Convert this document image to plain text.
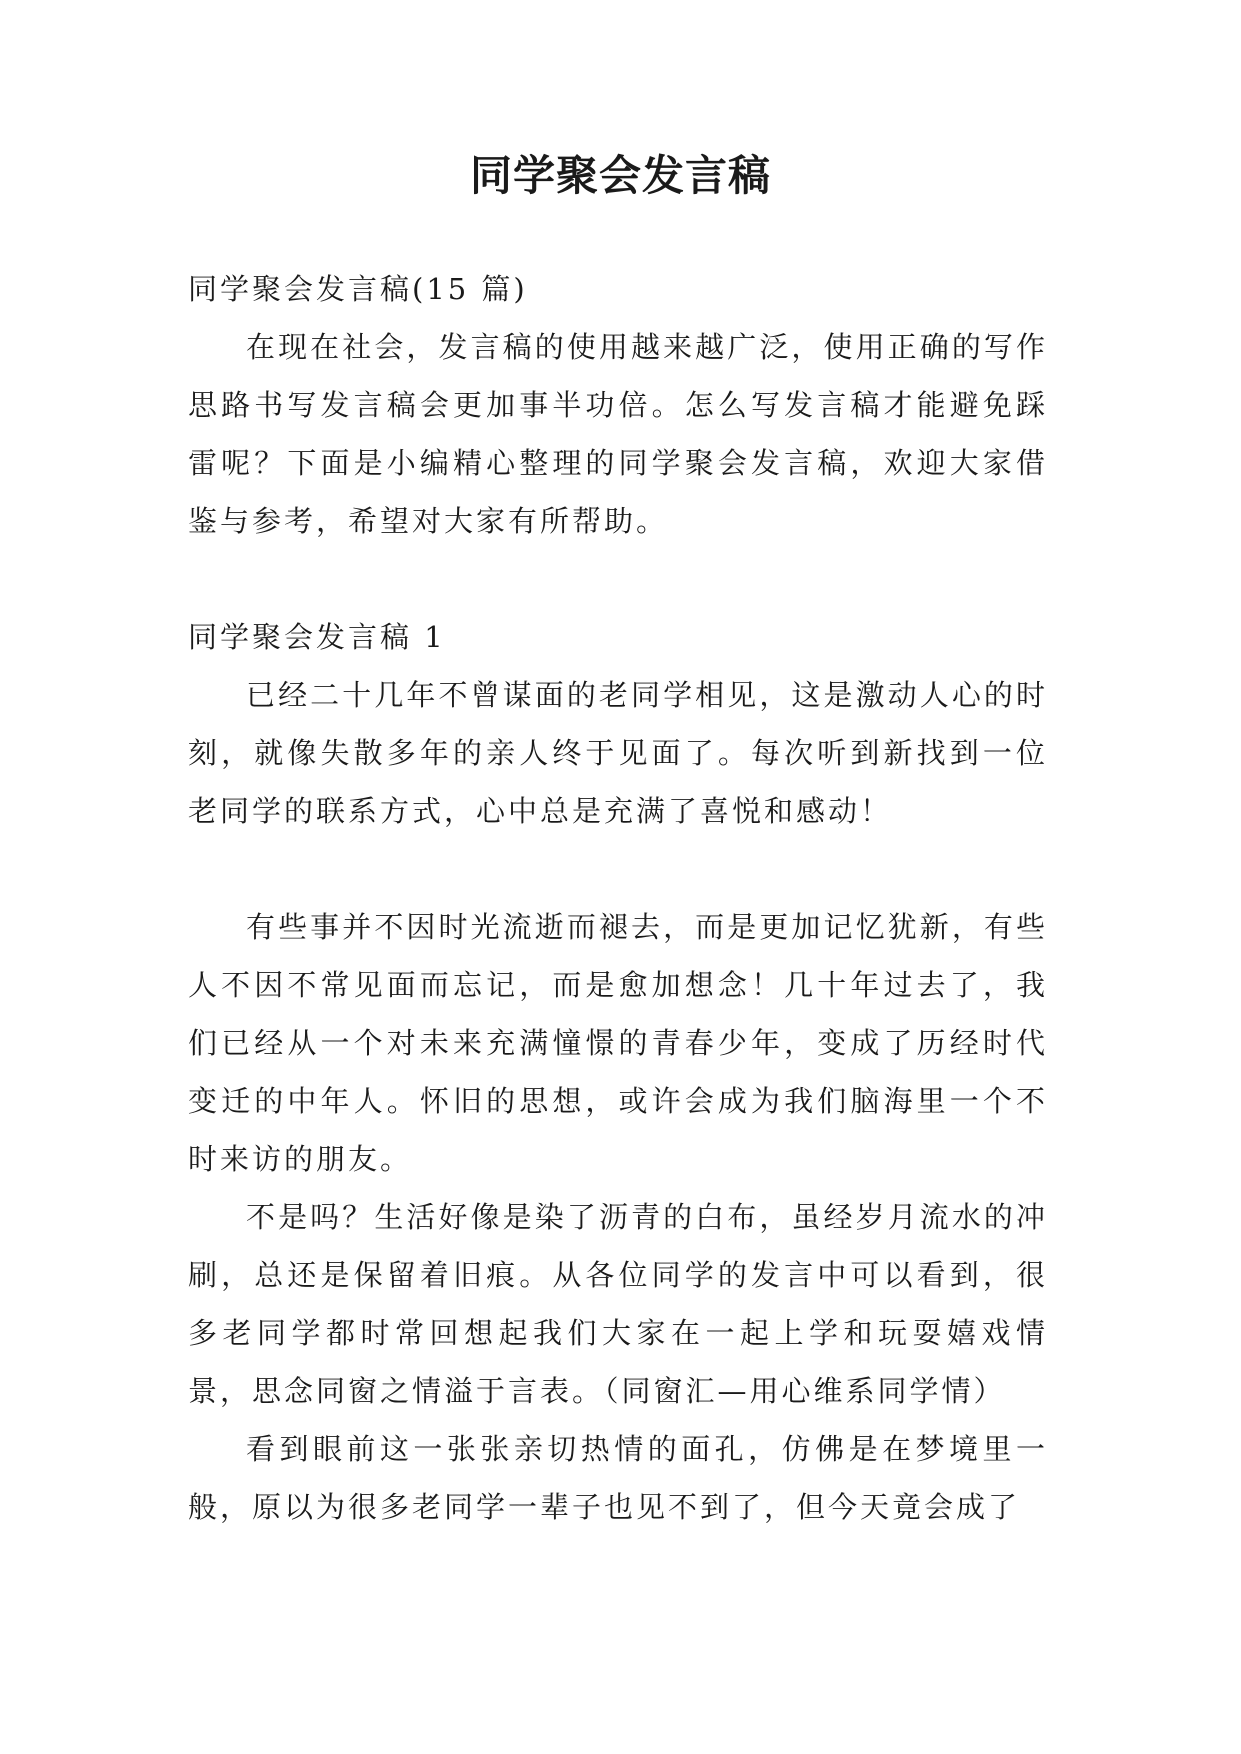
同学聚会发言稿

同学聚会发言稿(15 篇)

在现在社会，发言稿的使用越来越广泛，使用正确的写作思路书写发言稿会更加事半功倍。怎么写发言稿才能避免踩雷呢？下面是小编精心整理的同学聚会发言稿，欢迎大家借鉴与参考，希望对大家有所帮助。

同学聚会发言稿 1

已经二十几年不曾谋面的老同学相见，这是激动人心的时刻，就像失散多年的亲人终于见面了。每次听到新找到一位老同学的联系方式，心中总是充满了喜悦和感动！

有些事并不因时光流逝而褪去，而是更加记忆犹新，有些人不因不常见面而忘记，而是愈加想念！几十年过去了，我们已经从一个对未来充满憧憬的青春少年，变成了历经时代变迁的中年人。怀旧的思想，或许会成为我们脑海里一个不时来访的朋友。

不是吗？生活好像是染了沥青的白布，虽经岁月流水的冲刷，总还是保留着旧痕。从各位同学的发言中可以看到，很多老同学都时常回想起我们大家在一起上学和玩耍嬉戏情景，思念同窗之情溢于言表。（同窗汇—用心维系同学情）

看到眼前这一张张亲切热情的面孔，仿佛是在梦境里一般，原以为很多老同学一辈子也见不到了，但今天竟会成了
